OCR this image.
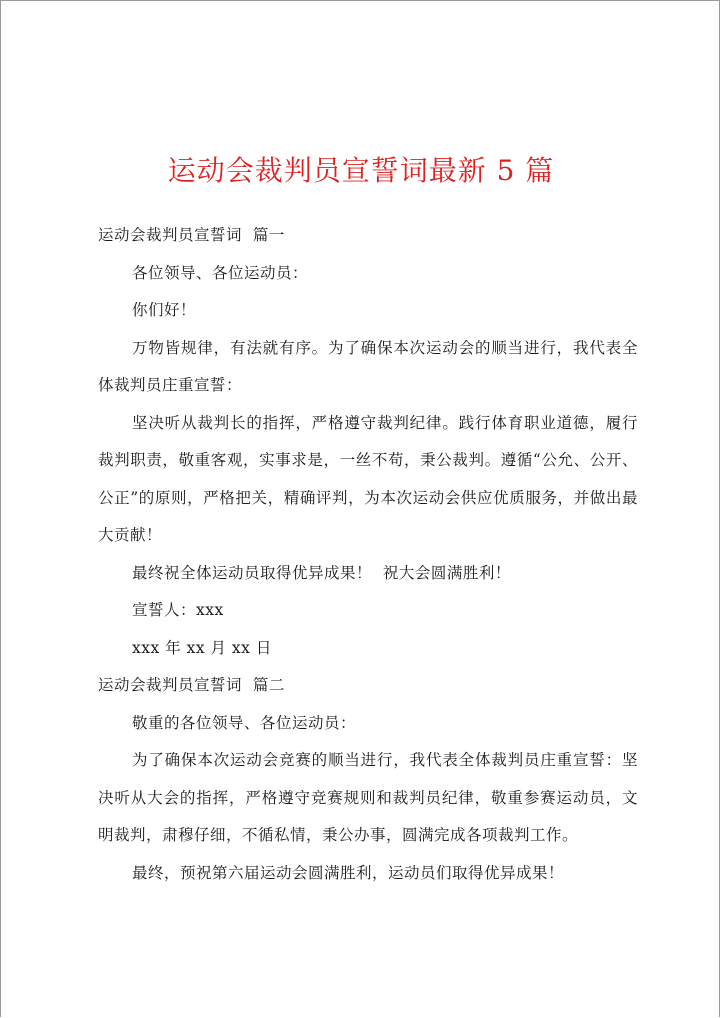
运动会裁判员宣誓词最新 5 篇
运动会裁判员宣誓词  篇一
各位领导、各位运动员：
你们好！
万物皆规律，有法就有序。为了确保本次运动会的顺当进行，我代表全体裁判员庄重宣誓：
坚决听从裁判长的指挥，严格遵守裁判纪律。践行体育职业道德，履行裁判职责，敬重客观，实事求是，一丝不苟，秉公裁判。遵循“公允、公开、公正”的原则，严格把关，精确评判，为本次运动会供应优质服务，并做出最大贡献！
最终祝全体运动员取得优异成果！  祝大会圆满胜利！
宣誓人：xxx
xxx 年 xx 月 xx 日
运动会裁判员宣誓词  篇二
敬重的各位领导、各位运动员：
为了确保本次运动会竞赛的顺当进行，我代表全体裁判员庄重宣誓：坚决听从大会的指挥，严格遵守竞赛规则和裁判员纪律，敬重参赛运动员，文明裁判，肃穆仔细，不循私情，秉公办事，圆满完成各项裁判工作。
最终，预祝第六届运动会圆满胜利，运动员们取得优异成果！
